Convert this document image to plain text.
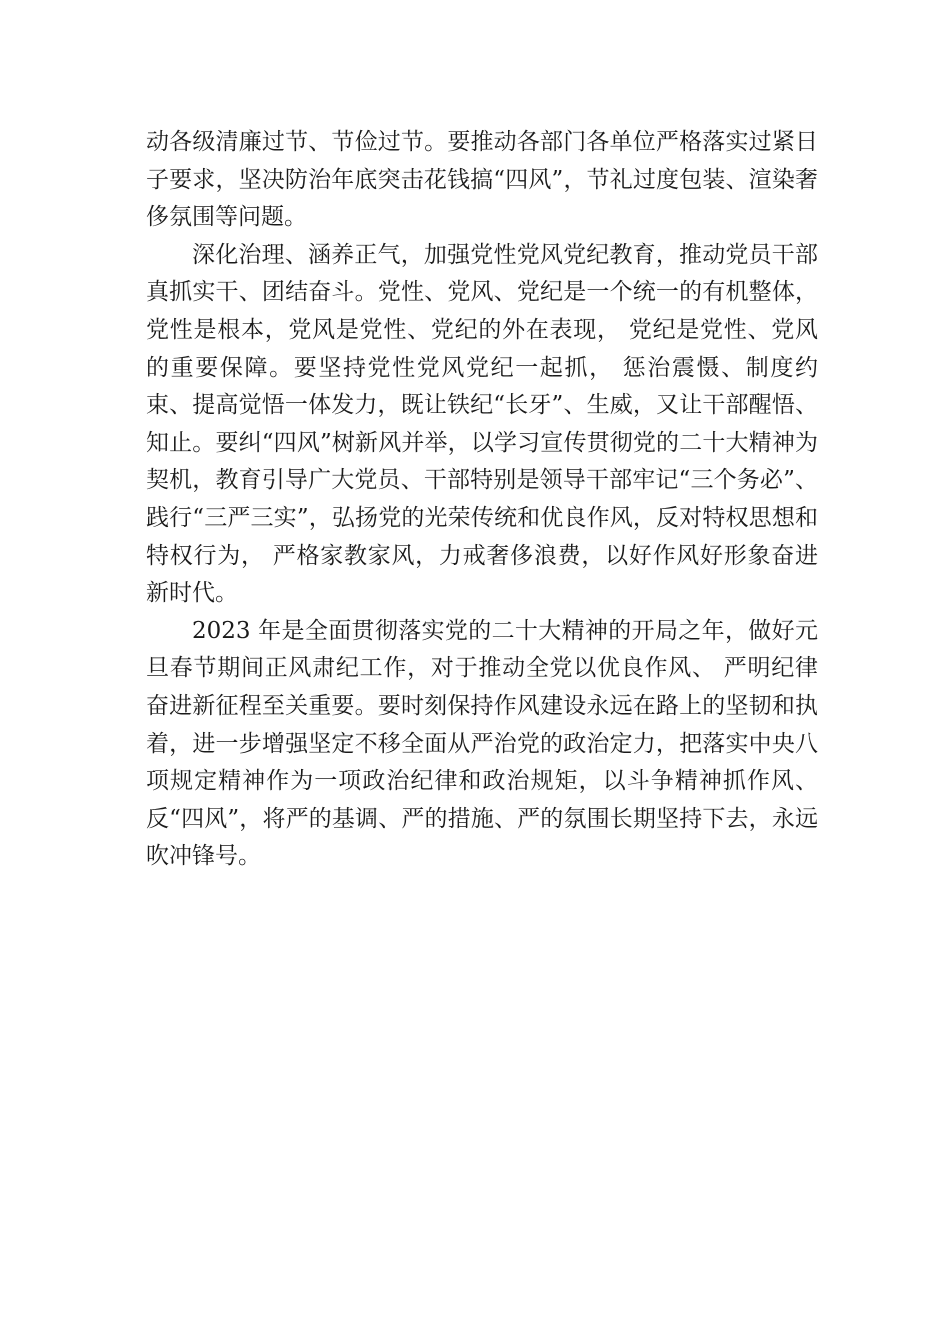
动各级清廉过节、节俭过节。要推动各部门各单位严格落实过紧日子要求，坚决防治年底突击花钱搞“四风”，节礼过度包装、渲染奢侈氛围等问题。

深化治理、涵养正气，加强党性党风党纪教育，推动党员干部真抓实干、团结奋斗。党性、党风、党纪是一个统一的有机整体，党性是根本，党风是党性、党纪的外在表现， 党纪是党性、党风的重要保障。要坚持党性党风党纪一起抓， 惩治震慑、制度约束、提高觉悟一体发力，既让铁纪“长牙”、生威，又让干部醒悟、知止。要纠“四风”树新风并举，以学习宣传贯彻党的二十大精神为契机，教育引导广大党员、干部特别是领导干部牢记“三个务必”、践行“三严三实”，弘扬党的光荣传统和优良作风，反对特权思想和特权行为， 严格家教家风，力戒奢侈浪费，以好作风好形象奋进新时代。

2023 年是全面贯彻落实党的二十大精神的开局之年，做好元旦春节期间正风肃纪工作，对于推动全党以优良作风、 严明纪律奋进新征程至关重要。要时刻保持作风建设永远在路上的坚韧和执着，进一步增强坚定不移全面从严治党的政治定力，把落实中央八项规定精神作为一项政治纪律和政治规矩，以斗争精神抓作风、反“四风”，将严的基调、严的措施、严的氛围长期坚持下去，永远吹冲锋号。
